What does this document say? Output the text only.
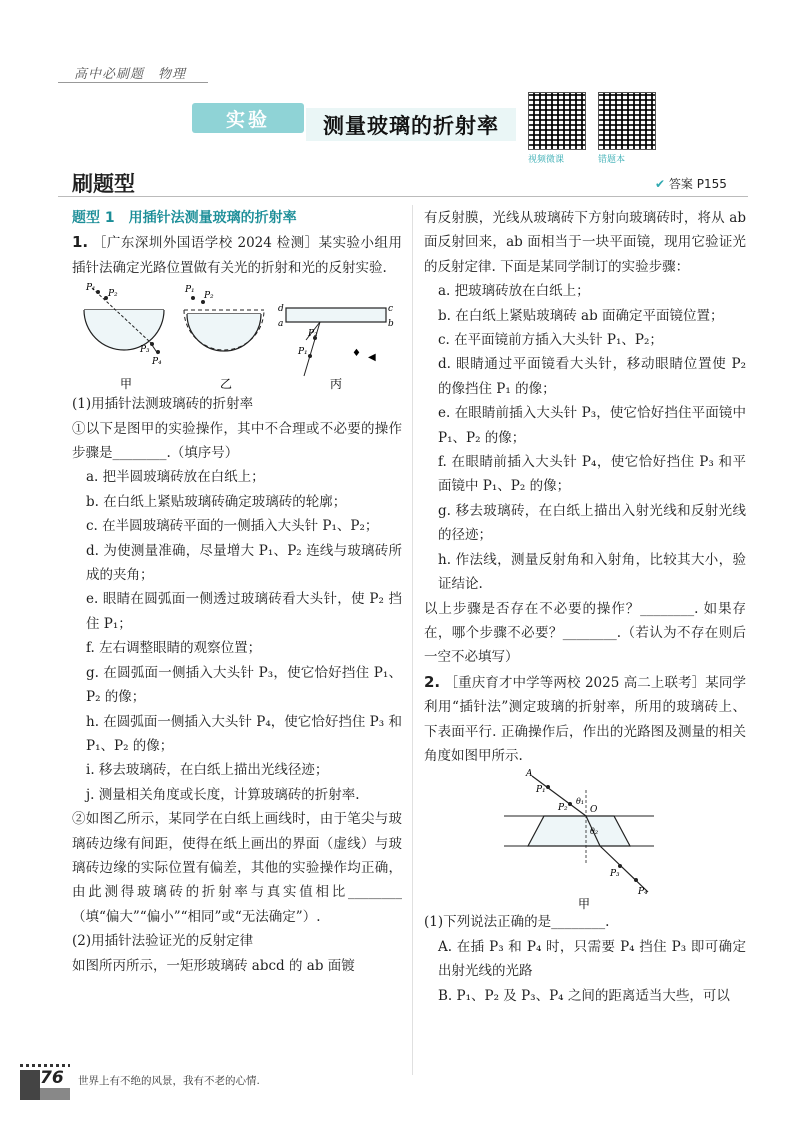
高中必刷题　物理
实验	测量玻璃的折射率
视频微课	错题本
刷题型	✔ 答案 P155

题型 1　用插针法测量玻璃的折射率

1. ［广东深圳外国语学校 2024 检测］某实验小组用插针法确定光路位置做有关光的折射和光的反射实验.

P₁
P₂
P₃
P₄
P₁
P₂
d
a
c
b
P₂
P₁	♦ ◀
甲	乙	丙

(1)用插针法测玻璃砖的折射率

①以下是图甲的实验操作，其中不合理或不必要的操作步骤是________.（填序号）

a. 把半圆玻璃砖放在白纸上；

b. 在白纸上紧贴玻璃砖确定玻璃砖的轮廓；

c. 在半圆玻璃砖平面的一侧插入大头针 P₁、P₂；

d. 为使测量准确，尽量增大 P₁、P₂ 连线与玻璃砖所成的夹角；

e. 眼睛在圆弧面一侧透过玻璃砖看大头针，使 P₂ 挡住 P₁；

f. 左右调整眼睛的观察位置；

g. 在圆弧面一侧插入大头针 P₃，使它恰好挡住 P₁、P₂ 的像；

h. 在圆弧面一侧插入大头针 P₄，使它恰好挡住 P₃ 和 P₁、P₂ 的像；

i. 移去玻璃砖，在白纸上描出光线径迹；

j. 测量相关角度或长度，计算玻璃砖的折射率.

②如图乙所示，某同学在白纸上画线时，由于笔尖与玻璃砖边缘有间距，使得在纸上画出的界面（虚线）与玻璃砖边缘的实际位置有偏差，其他的实验操作均正确，由此测得玻璃砖的折射率与真实值相比________（填“偏大”“偏小”“相同”或“无法确定”）.

(2)用插针法验证光的反射定律

如图所丙所示，一矩形玻璃砖 abcd 的 ab 面镀

有反射膜，光线从玻璃砖下方射向玻璃砖时，将从 ab 面反射回来，ab 面相当于一块平面镜，现用它验证光的反射定律. 下面是某同学制订的实验步骤：

a. 把玻璃砖放在白纸上；

b. 在白纸上紧贴玻璃砖 ab 面确定平面镜位置；

c. 在平面镜前方插入大头针 P₁、P₂；

d. 眼睛通过平面镜看大头针，移动眼睛位置使 P₂ 的像挡住 P₁ 的像；

e. 在眼睛前插入大头针 P₃，使它恰好挡住平面镜中 P₁、P₂ 的像；

f. 在眼睛前插入大头针 P₄，使它恰好挡住 P₃ 和平面镜中 P₁、P₂ 的像；

g. 移去玻璃砖，在白纸上描出入射光线和反射光线的径迹；

h. 作法线，测量反射角和入射角，比较其大小，验证结论.

以上步骤是否存在不必要的操作？________. 如果存在，哪个步骤不必要？________.（若认为不存在则后一空不必填写）

2. ［重庆育才中学等两校 2025 高二上联考］某同学利用“插针法”测定玻璃的折射率，所用的玻璃砖上、下表面平行. 正确操作后，作出的光路图及测量的相关角度如图甲所示.

A
P₁
P₂ O
θ₁
θ₂
P₃
P₄
甲

(1)下列说法正确的是________.

A. 在插 P₃ 和 P₄ 时，只需要 P₄ 挡住 P₃ 即可确定出射光线的光路

B. P₁、P₂ 及 P₃、P₄ 之间的距离适当大些，可以

76 世界上有不绝的风景，我有不老的心情.
